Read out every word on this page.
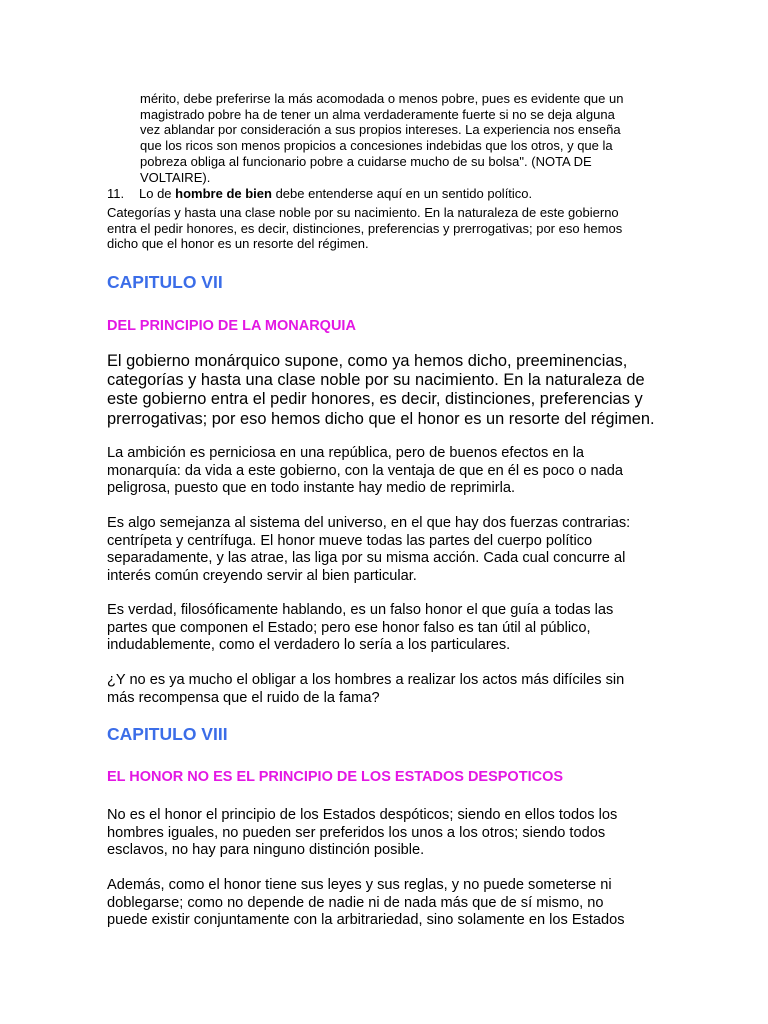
mérito, debe preferirse la más acomodada o menos pobre, pues es evidente que un

magistrado pobre ha de tener un alma verdaderamente fuerte si no se deja alguna

vez ablandar por consideración a sus propios intereses. La experiencia nos enseña

que los ricos son menos propicios a concesiones indebidas que los otros, y que la

pobreza obliga al funcionario pobre a cuidarse mucho de su bolsa". (NOTA DE

VOLTAIRE).

11. Lo de hombre de bien debe entenderse aquí en un sentido político.
Categorías y hasta una clase noble por su nacimiento. En la naturaleza de este gobierno
entra el pedir honores, es decir, distinciones, preferencias y prerrogativas; por eso hemos
dicho que el honor es un resorte del régimen.
CAPITULO VII
DEL PRINCIPIO DE LA MONARQUIA
El gobierno monárquico supone, como ya hemos dicho, preeminencias,
categorías y hasta una clase noble por su nacimiento. En la naturaleza de
este gobierno entra el pedir honores, es decir, distinciones, preferencias y
prerrogativas; por eso hemos dicho que el honor es un resorte del régimen.
La ambición es perniciosa en una república, pero de buenos efectos en la
monarquía: da vida a este gobierno, con la ventaja de que en él es poco o nada
peligrosa, puesto que en todo instante hay medio de reprimirla.
Es algo semejanza al sistema del universo, en el que hay dos fuerzas contrarias:
centrípeta y centrífuga. El honor mueve todas las partes del cuerpo político
separadamente, y las atrae, las liga por su misma acción. Cada cual concurre al
interés común creyendo servir al bien particular.
Es verdad, filosóficamente hablando, es un falso honor el que guía a todas las
partes que componen el Estado; pero ese honor falso es tan útil al público,
indudablemente, como el verdadero lo sería a los particulares.
¿Y no es ya mucho el obligar a los hombres a realizar los actos más difíciles sin
más recompensa que el ruido de la fama?
CAPITULO VIII
EL HONOR NO ES EL PRINCIPIO DE LOS ESTADOS DESPOTICOS
No es el honor el principio de los Estados despóticos; siendo en ellos todos los
hombres iguales, no pueden ser preferidos los unos a los otros; siendo todos
esclavos, no hay para ninguno distinción posible.
Además, como el honor tiene sus leyes y sus reglas, y no puede someterse ni
doblegarse; como no depende de nadie ni de nada más que de sí mismo, no
puede existir conjuntamente con la arbitrariedad, sino solamente en los Estados
